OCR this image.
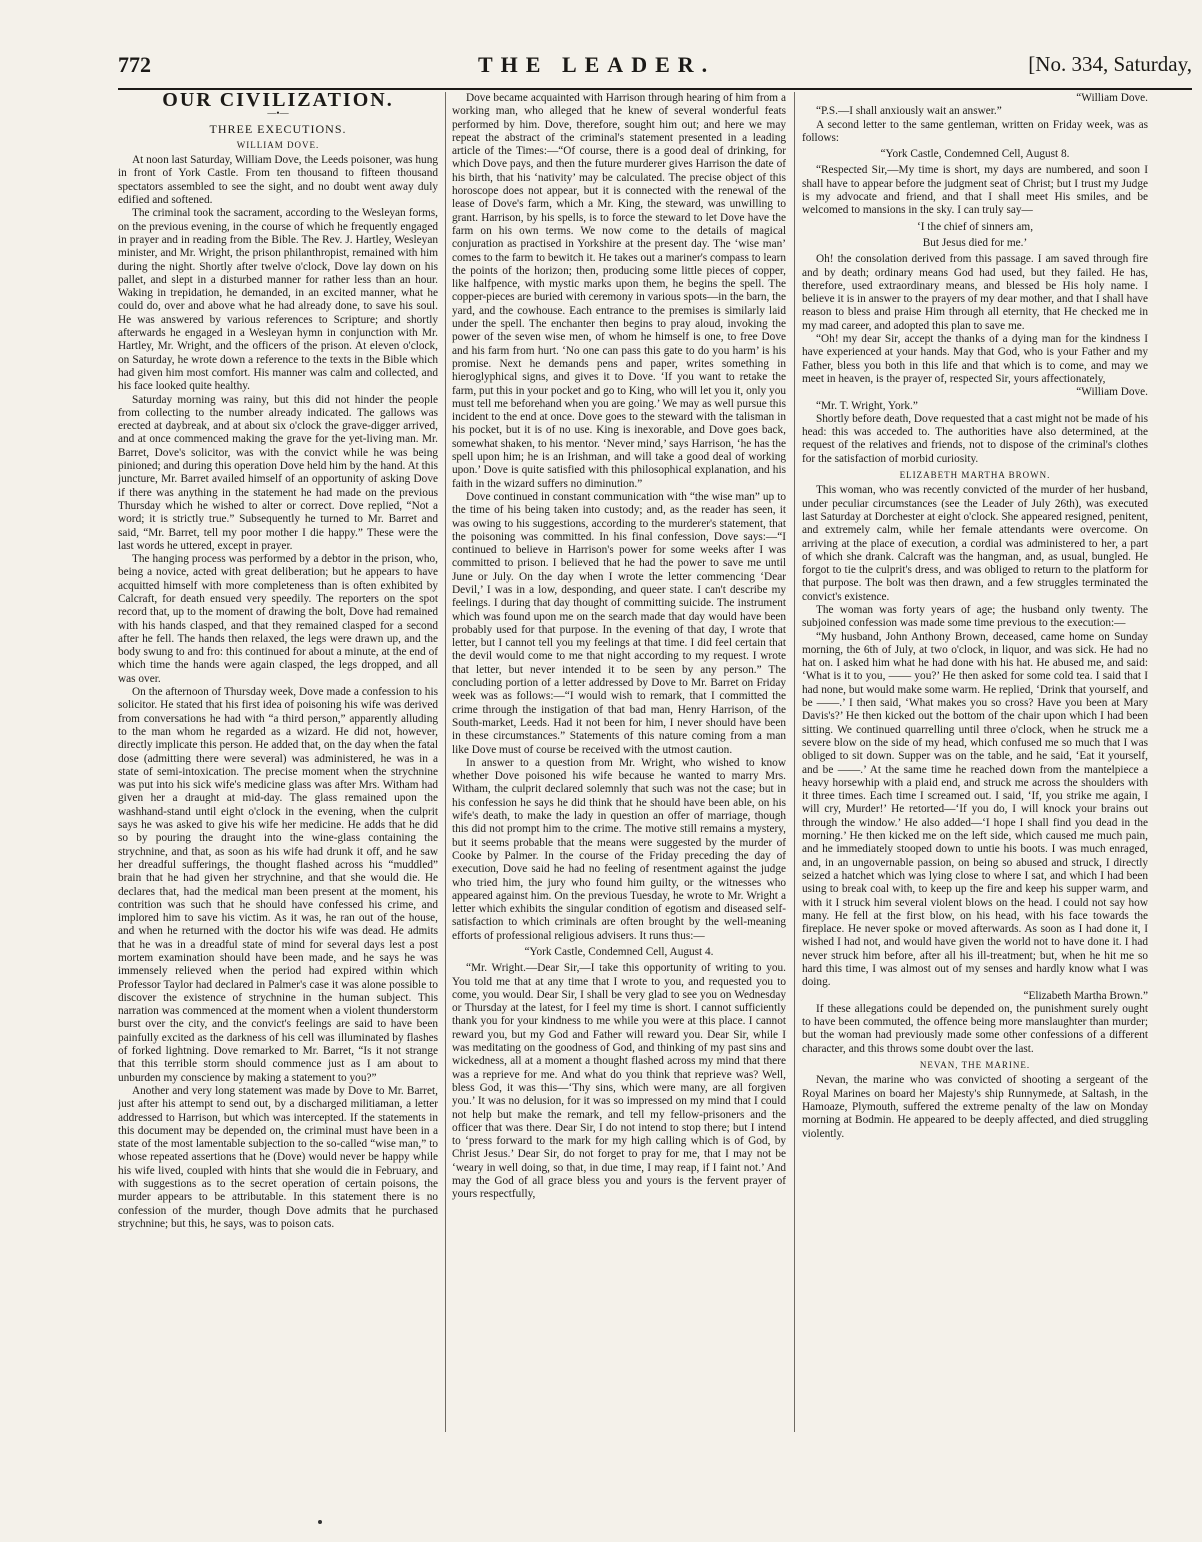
772	THE LEADER.	[No. 334, Saturday,
OUR CIVILIZATION.
—•—
THREE EXECUTIONS.
WILLIAM DOVE.

At noon last Saturday, William Dove, the Leeds poisoner, was hung in front of York Castle. From ten thousand to fifteen thousand spectators assembled to see the sight, and no doubt went away duly edified and softened.

The criminal took the sacrament, according to the Wesleyan forms, on the previous evening, in the course of which he frequently engaged in prayer and in reading from the Bible. The Rev. J. Hartley, Wesleyan minister, and Mr. Wright, the prison philanthropist, remained with him during the night. Shortly after twelve o'clock, Dove lay down on his pallet, and slept in a disturbed manner for rather less than an hour. Waking in trepidation, he demanded, in an excited manner, what he could do, over and above what he had already done, to save his soul. He was answered by various references to Scripture; and shortly afterwards he engaged in a Wesleyan hymn in conjunction with Mr. Hartley, Mr. Wright, and the officers of the prison. At eleven o'clock, on Saturday, he wrote down a reference to the texts in the Bible which had given him most comfort. His manner was calm and collected, and his face looked quite healthy.

Saturday morning was rainy, but this did not hinder the people from collecting to the number already indicated. The gallows was erected at daybreak, and at about six o'clock the grave-digger arrived, and at once commenced making the grave for the yet-living man. Mr. Barret, Dove's solicitor, was with the convict while he was being pinioned; and during this operation Dove held him by the hand. At this juncture, Mr. Barret availed himself of an opportunity of asking Dove if there was anything in the statement he had made on the previous Thursday which he wished to alter or correct. Dove replied, “Not a word; it is strictly true.” Subsequently he turned to Mr. Barret and said, “Mr. Barret, tell my poor mother I die happy.” These were the last words he uttered, except in prayer.

The hanging process was performed by a debtor in the prison, who, being a novice, acted with great deliberation; but he appears to have acquitted himself with more completeness than is often exhibited by Calcraft, for death ensued very speedily. The reporters on the spot record that, up to the moment of drawing the bolt, Dove had remained with his hands clasped, and that they remained clasped for a second after he fell. The hands then relaxed, the legs were drawn up, and the body swung to and fro: this continued for about a minute, at the end of which time the hands were again clasped, the legs dropped, and all was over.

On the afternoon of Thursday week, Dove made a confession to his solicitor. He stated that his first idea of poisoning his wife was derived from conversations he had with “a third person,” apparently alluding to the man whom he regarded as a wizard. He did not, however, directly implicate this person. He added that, on the day when the fatal dose (admitting there were several) was administered, he was in a state of semi-intoxication. The precise moment when the strychnine was put into his sick wife's medicine glass was after Mrs. Witham had given her a draught at mid-day. The glass remained upon the washhand-stand until eight o'clock in the evening, when the culprit says he was asked to give his wife her medicine. He adds that he did so by pouring the draught into the wine-glass containing the strychnine, and that, as soon as his wife had drunk it off, and he saw her dreadful sufferings, the thought flashed across his “muddled” brain that he had given her strychnine, and that she would die. He declares that, had the medical man been present at the moment, his contrition was such that he should have confessed his crime, and implored him to save his victim. As it was, he ran out of the house, and when he returned with the doctor his wife was dead. He admits that he was in a dreadful state of mind for several days lest a post mortem examination should have been made, and he says he was immensely relieved when the period had expired within which Professor Taylor had declared in Palmer's case it was alone possible to discover the existence of strychnine in the human subject. This narration was commenced at the moment when a violent thunderstorm burst over the city, and the convict's feelings are said to have been painfully excited as the darkness of his cell was illuminated by flashes of forked lightning. Dove remarked to Mr. Barret, “Is it not strange that this terrible storm should commence just as I am about to unburden my conscience by making a statement to you?”

Another and very long statement was made by Dove to Mr. Barret, just after his attempt to send out, by a discharged militiaman, a letter addressed to Harrison, but which was intercepted. If the statements in this document may be depended on, the criminal must have been in a state of the most lamentable subjection to the so-called “wise man,” to whose repeated assertions that he (Dove) would never be happy while his wife lived, coupled with hints that she would die in February, and with suggestions as to the secret operation of certain poisons, the murder appears to be attributable. In this statement there is no confession of the murder, though Dove admits that he purchased strychnine; but this, he says, was to poison cats.

Dove became acquainted with Harrison through hearing of him from a working man, who alleged that he knew of several wonderful feats performed by him. Dove, therefore, sought him out; and here we may repeat the abstract of the criminal's statement presented in a leading article of the Times:—“Of course, there is a good deal of drinking, for which Dove pays, and then the future murderer gives Harrison the date of his birth, that his ‘nativity’ may be calculated. The precise object of this horoscope does not appear, but it is connected with the renewal of the lease of Dove's farm, which a Mr. King, the steward, was unwilling to grant. Harrison, by his spells, is to force the steward to let Dove have the farm on his own terms. We now come to the details of magical conjuration as practised in Yorkshire at the present day. The ‘wise man’ comes to the farm to bewitch it. He takes out a mariner's compass to learn the points of the horizon; then, producing some little pieces of copper, like halfpence, with mystic marks upon them, he begins the spell. The copper-pieces are buried with ceremony in various spots—in the barn, the yard, and the cowhouse. Each entrance to the premises is similarly laid under the spell. The enchanter then begins to pray aloud, invoking the power of the seven wise men, of whom he himself is one, to free Dove and his farm from hurt. ‘No one can pass this gate to do you harm’ is his promise. Next he demands pens and paper, writes something in hieroglyphical signs, and gives it to Dove. ‘If you want to retake the farm, put this in your pocket and go to King, who will let you it, only you must tell me beforehand when you are going.’ We may as well pursue this incident to the end at once. Dove goes to the steward with the talisman in his pocket, but it is of no use. King is inexorable, and Dove goes back, somewhat shaken, to his mentor. ‘Never mind,’ says Harrison, ‘he has the spell upon him; he is an Irishman, and will take a good deal of working upon.’ Dove is quite satisfied with this philosophical explanation, and his faith in the wizard suffers no diminution.”

Dove continued in constant communication with “the wise man” up to the time of his being taken into custody; and, as the reader has seen, it was owing to his suggestions, according to the murderer's statement, that the poisoning was committed. In his final confession, Dove says:—“I continued to believe in Harrison's power for some weeks after I was committed to prison. I believed that he had the power to save me until June or July. On the day when I wrote the letter commencing ‘Dear Devil,’ I was in a low, desponding, and queer state. I can't describe my feelings. I during that day thought of committing suicide. The instrument which was found upon me on the search made that day would have been probably used for that purpose. In the evening of that day, I wrote that letter, but I cannot tell you my feelings at that time. I did feel certain that the devil would come to me that night according to my request. I wrote that letter, but never intended it to be seen by any person.” The concluding portion of a letter addressed by Dove to Mr. Barret on Friday week was as follows:—“I would wish to remark, that I committed the crime through the instigation of that bad man, Henry Harrison, of the South-market, Leeds. Had it not been for him, I never should have been in these circumstances.” Statements of this nature coming from a man like Dove must of course be received with the utmost caution.

In answer to a question from Mr. Wright, who wished to know whether Dove poisoned his wife because he wanted to marry Mrs. Witham, the culprit declared solemnly that such was not the case; but in his confession he says he did think that he should have been able, on his wife's death, to make the lady in question an offer of marriage, though this did not prompt him to the crime. The motive still remains a mystery, but it seems probable that the means were suggested by the murder of Cooke by Palmer. In the course of the Friday preceding the day of execution, Dove said he had no feeling of resentment against the judge who tried him, the jury who found him guilty, or the witnesses who appeared against him. On the previous Tuesday, he wrote to Mr. Wright a letter which exhibits the singular condition of egotism and diseased self-satisfaction to which criminals are often brought by the well-meaning efforts of professional religious advisers. It runs thus:—

“York Castle, Condemned Cell, August 4.

“Mr. Wright.—Dear Sir,—I take this opportunity of writing to you. You told me that at any time that I wrote to you, and requested you to come, you would. Dear Sir, I shall be very glad to see you on Wednesday or Thursday at the latest, for I feel my time is short. I cannot sufficiently thank you for your kindness to me while you were at this place. I cannot reward you, but my God and Father will reward you. Dear Sir, while I was meditating on the goodness of God, and thinking of my past sins and wickedness, all at a moment a thought flashed across my mind that there was a reprieve for me. And what do you think that reprieve was? Well, bless God, it was this—‘Thy sins, which were many, are all forgiven you.’ It was no delusion, for it was so impressed on my mind that I could not help but make the remark, and tell my fellow-prisoners and the officer that was there. Dear Sir, I do not intend to stop there; but I intend to ‘press forward to the mark for my high calling which is of God, by Christ Jesus.’ Dear Sir, do not forget to pray for me, that I may not be ‘weary in well doing, so that, in due time, I may reap, if I faint not.’ And may the God of all grace bless you and yours is the fervent prayer of yours respectfully,

“William Dove.

“P.S.—I shall anxiously wait an answer.”

A second letter to the same gentleman, written on Friday week, was as follows:

“York Castle, Condemned Cell, August 8.

“Respected Sir,—My time is short, my days are numbered, and soon I shall have to appear before the judgment seat of Christ; but I trust my Judge is my advocate and friend, and that I shall meet His smiles, and be welcomed to mansions in the sky. I can truly say—

‘I the chief of sinners am,

But Jesus died for me.’

Oh! the consolation derived from this passage. I am saved through fire and by death; ordinary means God had used, but they failed. He has, therefore, used extraordinary means, and blessed be His holy name. I believe it is in answer to the prayers of my dear mother, and that I shall have reason to bless and praise Him through all eternity, that He checked me in my mad career, and adopted this plan to save me.

“Oh! my dear Sir, accept the thanks of a dying man for the kindness I have experienced at your hands. May that God, who is your Father and my Father, bless you both in this life and that which is to come, and may we meet in heaven, is the prayer of, respected Sir, yours affectionately,

“William Dove.

“Mr. T. Wright, York.”

Shortly before death, Dove requested that a cast might not be made of his head: this was acceded to. The authorities have also determined, at the request of the relatives and friends, not to dispose of the criminal's clothes for the satisfaction of morbid curiosity.

ELIZABETH MARTHA BROWN.

This woman, who was recently convicted of the murder of her husband, under peculiar circumstances (see the Leader of July 26th), was executed last Saturday at Dorchester at eight o'clock. She appeared resigned, penitent, and extremely calm, while her female attendants were overcome. On arriving at the place of execution, a cordial was administered to her, a part of which she drank. Calcraft was the hangman, and, as usual, bungled. He forgot to tie the culprit's dress, and was obliged to return to the platform for that purpose. The bolt was then drawn, and a few struggles terminated the convict's existence.

The woman was forty years of age; the husband only twenty. The subjoined confession was made some time previous to the execution:—

“My husband, John Anthony Brown, deceased, came home on Sunday morning, the 6th of July, at two o'clock, in liquor, and was sick. He had no hat on. I asked him what he had done with his hat. He abused me, and said: ‘What is it to you, —— you?’ He then asked for some cold tea. I said that I had none, but would make some warm. He replied, ‘Drink that yourself, and be ——.’ I then said, ‘What makes you so cross? Have you been at Mary Davis's?’ He then kicked out the bottom of the chair upon which I had been sitting. We continued quarrelling until three o'clock, when he struck me a severe blow on the side of my head, which confused me so much that I was obliged to sit down. Supper was on the table, and he said, ‘Eat it yourself, and be ——.’ At the same time he reached down from the mantelpiece a heavy horsewhip with a plaid end, and struck me across the shoulders with it three times. Each time I screamed out. I said, ‘If, you strike me again, I will cry, Murder!’ He retorted—‘If you do, I will knock your brains out through the window.’ He also added—‘I hope I shall find you dead in the morning.’ He then kicked me on the left side, which caused me much pain, and he immediately stooped down to untie his boots. I was much enraged, and, in an ungovernable passion, on being so abused and struck, I directly seized a hatchet which was lying close to where I sat, and which I had been using to break coal with, to keep up the fire and keep his supper warm, and with it I struck him several violent blows on the head. I could not say how many. He fell at the first blow, on his head, with his face towards the fireplace. He never spoke or moved afterwards. As soon as I had done it, I wished I had not, and would have given the world not to have done it. I had never struck him before, after all his ill-treatment; but, when he hit me so hard this time, I was almost out of my senses and hardly know what I was doing.

“Elizabeth Martha Brown.”

If these allegations could be depended on, the punishment surely ought to have been commuted, the offence being more manslaughter than murder; but the woman had previously made some other confessions of a different character, and this throws some doubt over the last.

NEVAN, THE MARINE.

Nevan, the marine who was convicted of shooting a sergeant of the Royal Marines on board her Majesty's ship Runnymede, at Saltash, in the Hamoaze, Plymouth, suffered the extreme penalty of the law on Monday morning at Bodmin. He appeared to be deeply affected, and died struggling violently.
